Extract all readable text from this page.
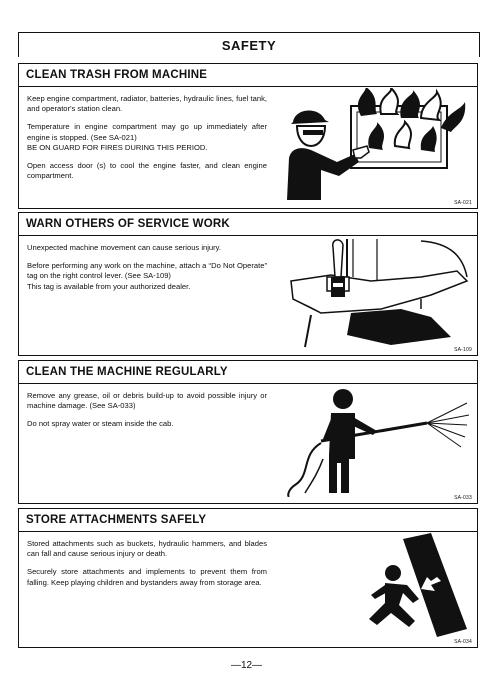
SAFETY
CLEAN TRASH FROM MACHINE

Keep engine compartment, radiator, batteries, hydraulic lines, fuel tank, and operator's station clean.

Temperature in engine compartment may go up immediately after engine is stopped. (See SA-021)
BE ON GUARD FOR FIRES DURING THIS PERIOD.

Open access door (s) to cool the engine faster, and clean engine compartment.

SA-021
WARN OTHERS OF SERVICE WORK

Unexpected machine movement can cause serious injury.

Before performing any work on the machine, attach a “Do Not Operate” tag on the right control lever. (See SA-109)
This tag is available from your authorized dealer.

SA-109
CLEAN THE MACHINE REGULARLY

Remove any grease, oil or debris build-up to avoid possible injury or machine damage. (See SA-033)

Do not spray water or steam inside the cab.

SA-033
STORE ATTACHMENTS SAFELY

Stored attachments such as buckets, hydraulic hammers, and blades can fall and cause serious injury or death.

Securely store attachments and implements to prevent them from falling. Keep playing children and bystanders away from storage area.

SA-034
—12—
